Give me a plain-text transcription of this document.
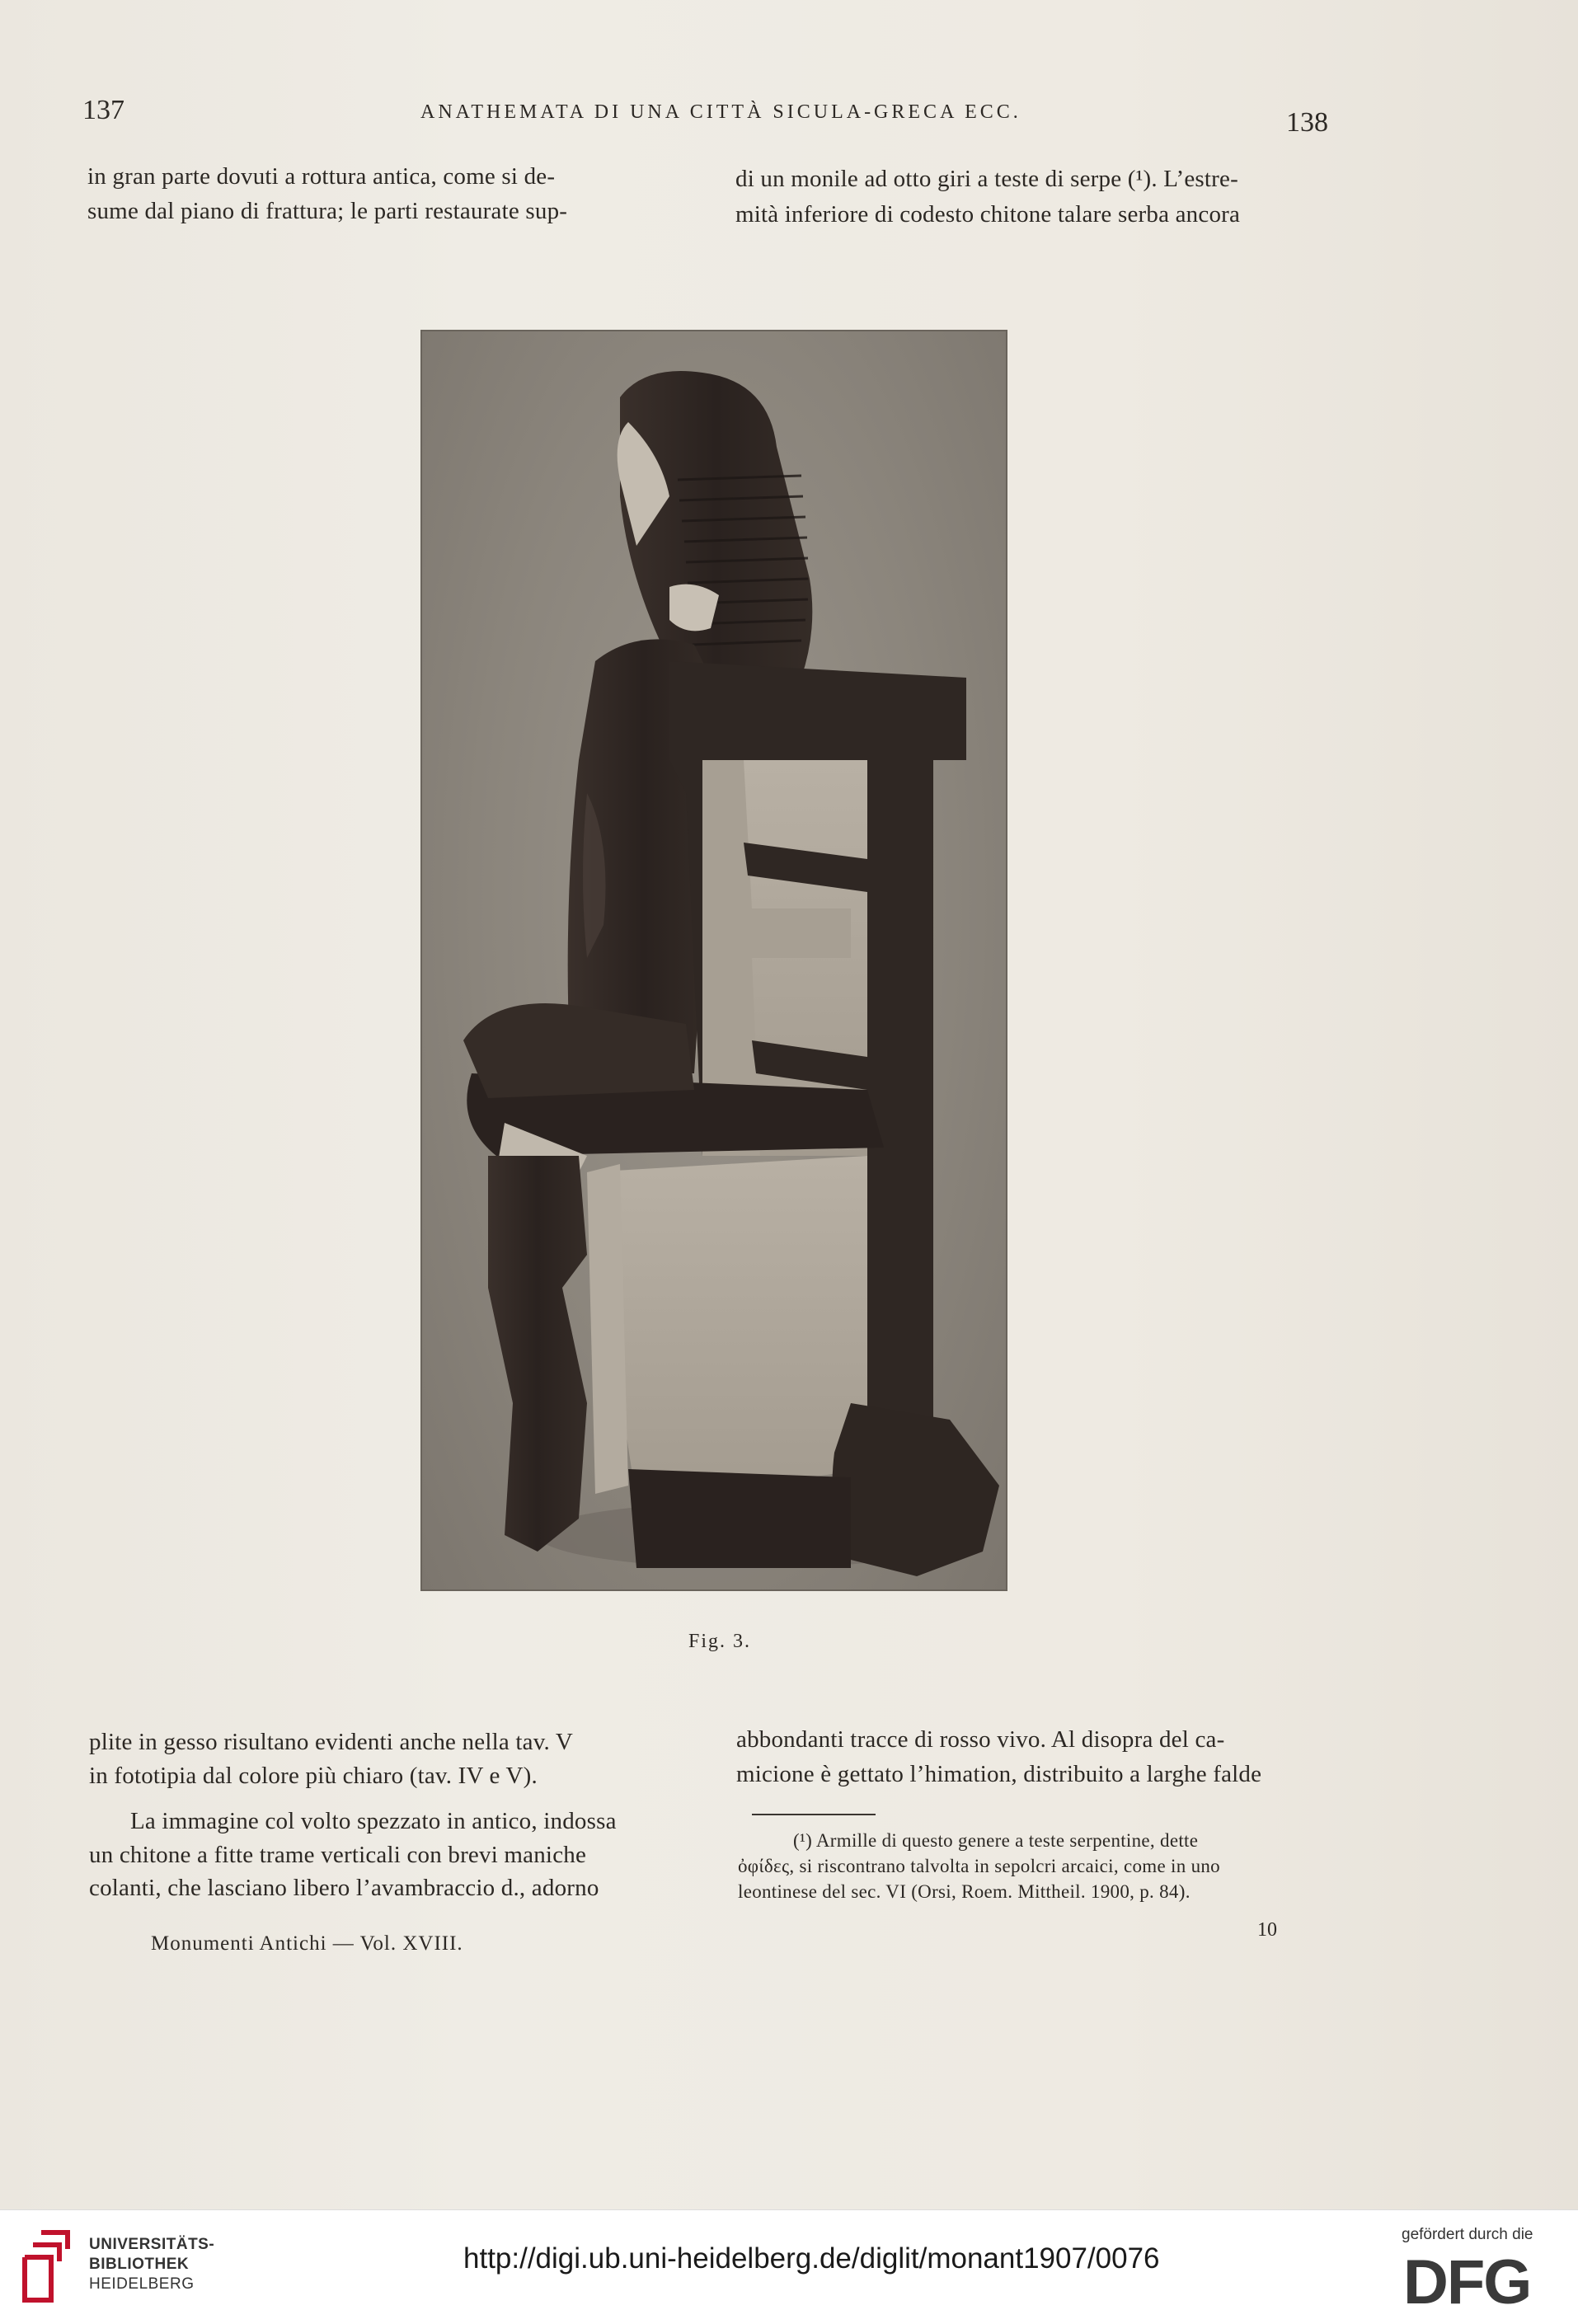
137	ANATHEMATA DI UNA CITTÀ SICULA-GRECA ECC.	138
in gran parte dovuti a rottura antica, come si de-
sume dal piano di frattura; le parti restaurate sup-
di un monile ad otto giri a teste di serpe (¹). L’estre-
mità inferiore di codesto chitone talare serba ancora
Fig. 3.
plite in gesso risultano evidenti anche nella tav. V
in fototipia dal colore più chiaro (tav. IV e V).
La immagine col volto spezzato in antico, indossa
un chitone a fitte trame verticali con brevi maniche
colanti, che lasciano libero l’avambraccio d., adorno
abbondanti tracce di rosso vivo. Al disopra del ca-
micione è gettato l’himation, distribuito a larghe falde
(¹) Armille di questo genere a teste serpentine, dette
ὀφίδες, si riscontrano talvolta in sepolcri arcaici, come in uno
leontinese del sec. VI (Orsi, Roem. Mittheil. 1900, p. 84).
Monumenti Antichi — Vol. XVIII.
10
UNIVERSITÄTS-
BIBLIOTHEK
HEIDELBERG
http://digi.ub.uni-heidelberg.de/diglit/monant1907/0076
gefördert durch die
DFG
